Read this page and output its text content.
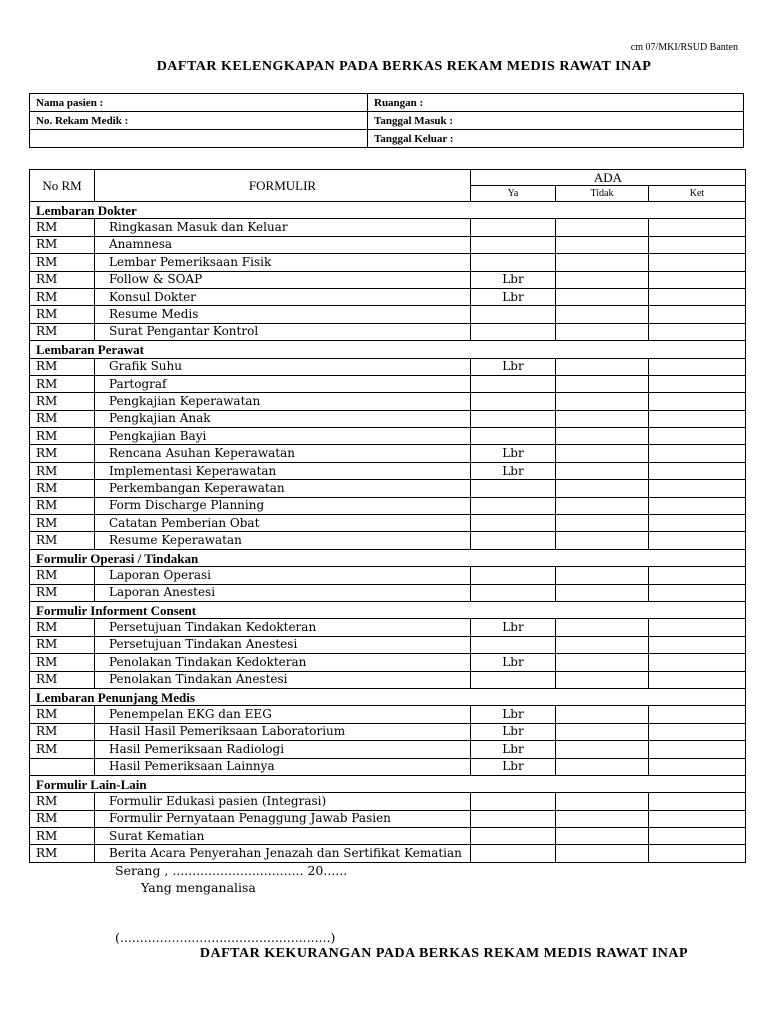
cm 07/MKI/RSUD Banten
DAFTAR KELENGKAPAN PADA BERKAS REKAM MEDIS RAWAT INAP
Nama pasien :	Ruangan :
No. Rekam Medik :	Tanggal Masuk :
	Tanggal Keluar :
No RM	FORMULIR	ADA		
		Ya	Tidak	Ket
Lembaran Dokter				
RM	Ringkasan Masuk dan Keluar			
RM	Anamnesa			
RM	Lembar Pemeriksaan Fisik			
RM	Follow & SOAP	Lbr		
RM	Konsul Dokter	Lbr		
RM	Resume Medis			
RM	Surat Pengantar Kontrol			
Lembaran Perawat				
RM	Grafik Suhu	Lbr		
RM	Partograf			
RM	Pengkajian Keperawatan			
RM	Pengkajian Anak			
RM	Pengkajian Bayi			
RM	Rencana Asuhan Keperawatan	Lbr		
RM	Implementasi Keperawatan	Lbr		
RM	Perkembangan Keperawatan			
RM	Form Discharge Planning			
RM	Catatan Pemberian Obat			
RM	Resume Keperawatan			
Formulir Operasi / Tindakan				
RM	Laporan Operasi			
RM	Laporan Anestesi			
Formulir Informent Consent				
RM	Persetujuan Tindakan Kedokteran	Lbr		
RM	Persetujuan Tindakan Anestesi			
RM	Penolakan Tindakan Kedokteran	Lbr		
RM	Penolakan Tindakan Anestesi			
Lembaran Penunjang Medis				
RM	Penempelan EKG dan EEG	Lbr		
RM	Hasil Hasil Pemeriksaan Laboratorium	Lbr		
RM	Hasil Pemeriksaan Radiologi	Lbr		
	Hasil Pemeriksaan Lainnya	Lbr		
Formulir Lain-Lain				
RM	Formulir Edukasi pasien (Integrasi)			
RM	Formulir Pernyataan Penaggung Jawab Pasien			
RM	Surat Kematian			
RM	Berita Acara Penyerahan Jenazah dan Sertifikat Kematian			
Serang , ................................. 20......
Yang menganalisa
(.....................................................)
DAFTAR KEKURANGAN PADA BERKAS REKAM MEDIS RAWAT INAP
